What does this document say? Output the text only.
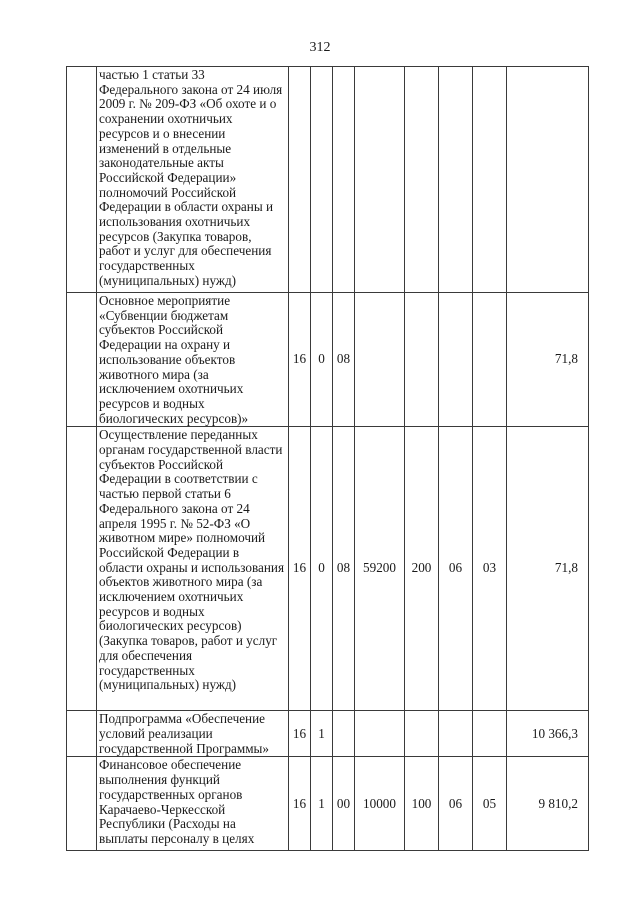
312
	частью 1 статьи 33 Федерального закона от 24 июля 2009 г. № 209-ФЗ «Об охоте и о сохранении охотничьих ресурсов и о внесении изменений в отдельные законодательные акты Российской Федерации» полномочий Российской Федерации в области охраны и использования охотничьих ресурсов (Закупка товаров, работ и услуг для обеспечения государственных (муниципальных) нужд)								
	Основное мероприятие «Субвенции бюджетам субъектов Российской Федерации на охрану и использование объектов животного мира (за исключением охотничьих ресурсов и водных биологических ресурсов)»	16	0	08					71,8
	Осуществление переданных органам государственной власти субъектов Российской Федерации в соответствии с частью первой статьи 6 Федерального закона от 24 апреля 1995 г. № 52-ФЗ «О животном мире» полномочий Российской Федерации в области охраны и использования объектов животного мира (за исключением охотничьих ресурсов и водных биологических ресурсов) (Закупка товаров, работ и услуг для обеспечения государственных (муниципальных) нужд)	16	0	08	59200	200	06	03	71,8
	Подпрограмма «Обеспечение условий реализации государственной Программы»	16	1						10 366,3
	Финансовое обеспечение выполнения функций государственных органов Карачаево-Черкесской Республики (Расходы на выплаты персоналу в целях	16	1	00	10000	100	06	05	9 810,2
